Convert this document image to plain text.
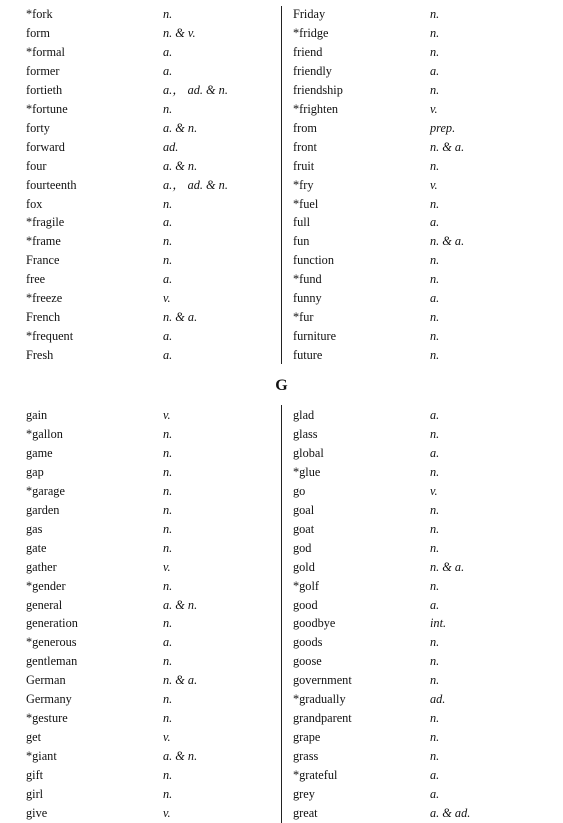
G
*fork	n.
form	n. & v.
*formal	a.
former	a.
fortieth	a.， ad. & n.
*fortune	n.
forty	a. & n.
forward	ad.
four	a. & n.
fourteenth	a.， ad. & n.
fox	n.
*fragile	a.
*frame	n.
France	n.
free	a.
*freeze	v.
French	n. & a.
*frequent	a.
Fresh	a.
Friday	n.
*fridge	n.
friend	n.
friendly	a.
friendship	n.
*frighten	v.
from	prep.
front	n. & a.
fruit	n.
*fry	v.
*fuel	n.
full	a.
fun	n. & a.
function	n.
*fund	n.
funny	a.
*fur	n.
furniture	n.
future	n.
gain	v.
*gallon	n.
game	n.
gap	n.
*garage	n.
garden	n.
gas	n.
gate	n.
gather	v.
*gender	n.
general	a. & n.
generation	n.
*generous	a.
gentleman	n.
German	n. & a.
Germany	n.
*gesture	n.
get	v.
*giant	a. & n.
gift	n.
girl	n.
give	v.
glad	a.
glass	n.
global	a.
*glue	n.
go	v.
goal	n.
goat	n.
god	n.
gold	n. & a.
*golf	n.
good	a.
goodbye	int.
goods	n.
goose	n.
government	n.
*gradually	ad.
grandparent	n.
grape	n.
grass	n.
*grateful	a.
grey	a.
great	a. & ad.
